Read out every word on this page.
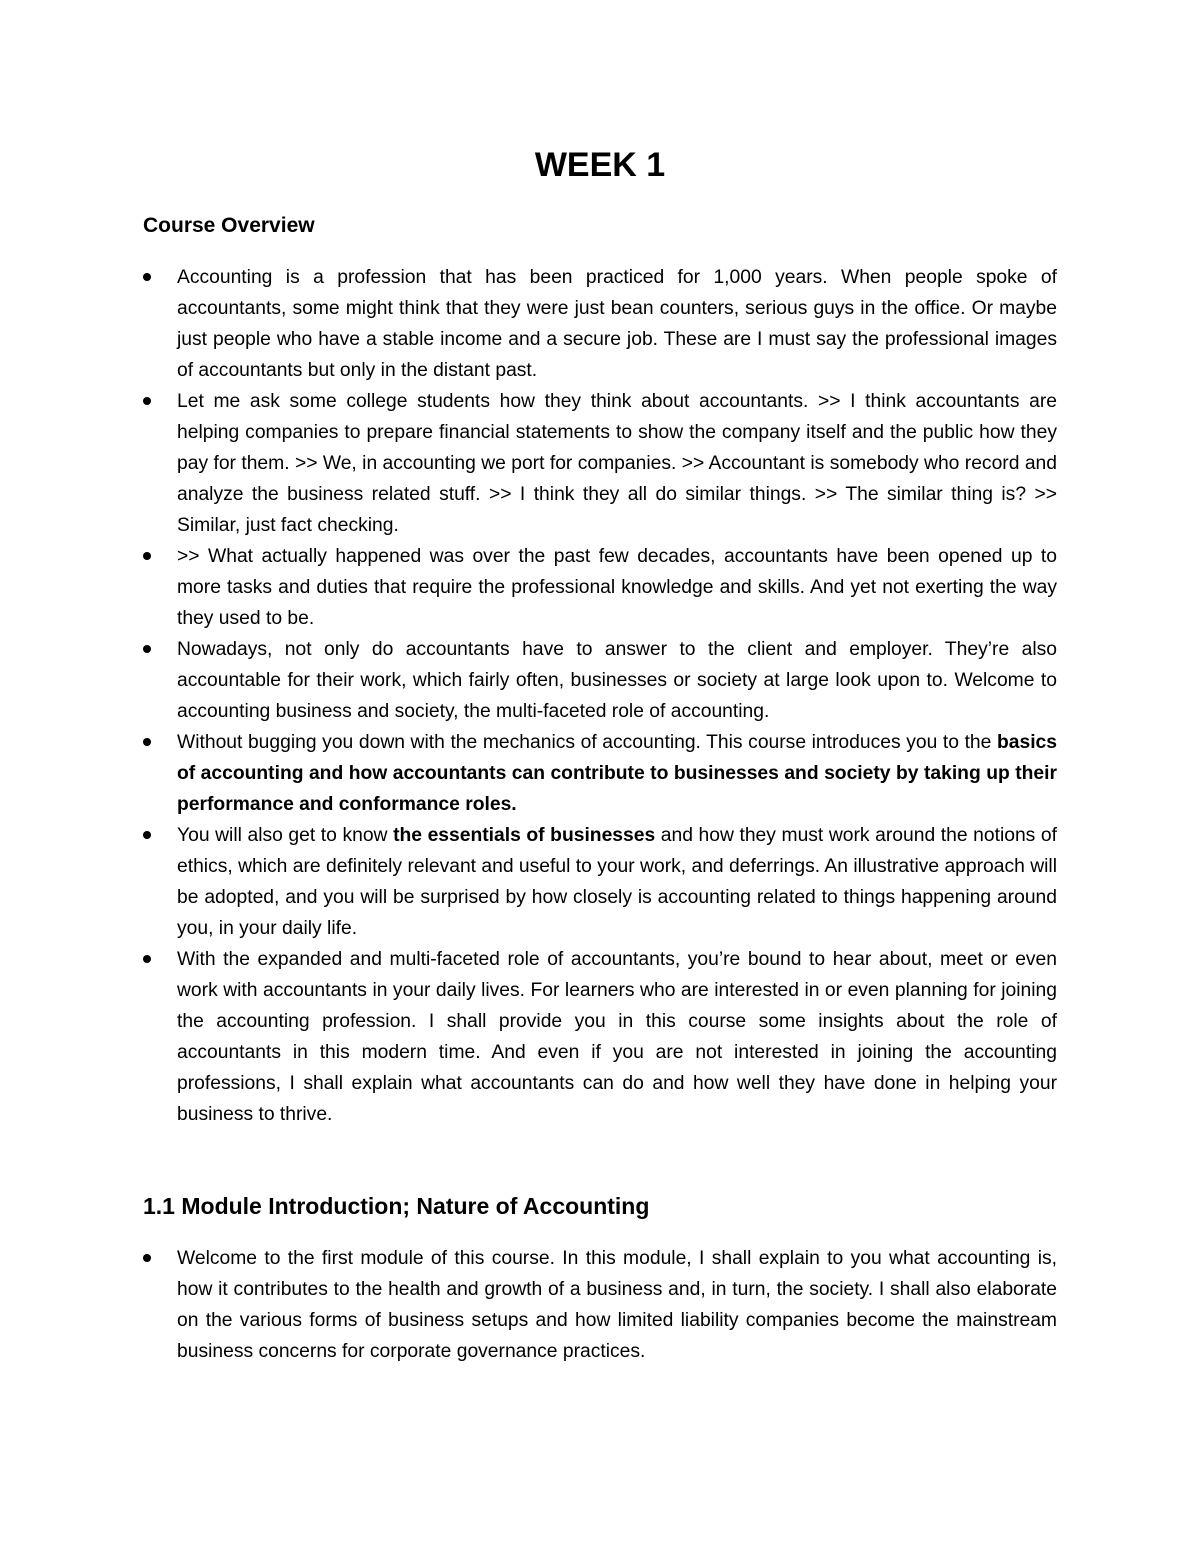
WEEK 1
Course Overview
Accounting is a profession that has been practiced for 1,000 years. When people spoke of accountants, some might think that they were just bean counters, serious guys in the office. Or maybe just people who have a stable income and a secure job. These are I must say the professional images of accountants but only in the distant past.
Let me ask some college students how they think about accountants. >> I think accountants are helping companies to prepare financial statements to show the company itself and the public how they pay for them. >> We, in accounting we port for companies. >> Accountant is somebody who record and analyze the business related stuff. >> I think they all do similar things. >> The similar thing is? >> Similar, just fact checking.
>> What actually happened was over the past few decades, accountants have been opened up to more tasks and duties that require the professional knowledge and skills. And yet not exerting the way they used to be.
Nowadays, not only do accountants have to answer to the client and employer. They’re also accountable for their work, which fairly often, businesses or society at large look upon to. Welcome to accounting business and society, the multi-faceted role of accounting.
Without bugging you down with the mechanics of accounting. This course introduces you to the basics of accounting and how accountants can contribute to businesses and society by taking up their performance and conformance roles.
You will also get to know the essentials of businesses and how they must work around the notions of ethics, which are definitely relevant and useful to your work, and deferrings. An illustrative approach will be adopted, and you will be surprised by how closely is accounting related to things happening around you, in your daily life.
With the expanded and multi-faceted role of accountants, you’re bound to hear about, meet or even work with accountants in your daily lives. For learners who are interested in or even planning for joining the accounting profession. I shall provide you in this course some insights about the role of accountants in this modern time. And even if you are not interested in joining the accounting professions, I shall explain what accountants can do and how well they have done in helping your business to thrive.
1.1 Module Introduction; Nature of Accounting
Welcome to the first module of this course. In this module, I shall explain to you what accounting is, how it contributes to the health and growth of a business and, in turn, the society. I shall also elaborate on the various forms of business setups and how limited liability companies become the mainstream business concerns for corporate governance practices.
